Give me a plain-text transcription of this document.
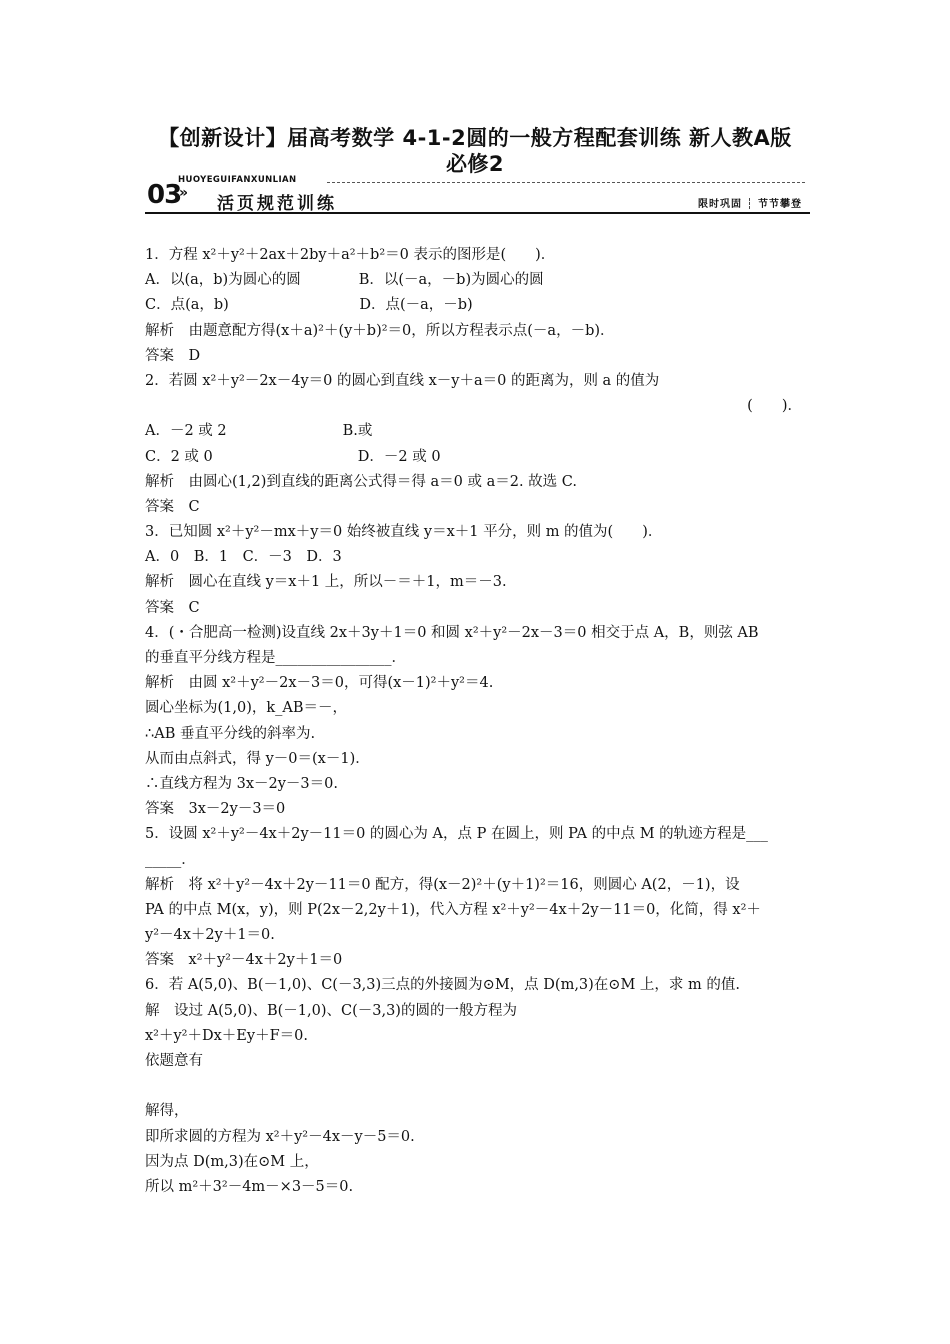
【创新设计】届高考数学 4-1-2圆的一般方程配套训练 新人教A版
必修2
03
HUOYEGUIFANXUNLIAN
»
活页规范训练	限时巩固 ┆ 节节攀登
1．方程 x²＋y²＋2ax＋2by＋a²＋b²＝0 表示的图形是(　　)．
A．以(a，b)为圆心的圆　　　　B．以(－a，－b)为圆心的圆
C．点(a，b)　　　　　　　　　D．点(－a，－b)
解析　由题意配方得(x＋a)²＋(y＋b)²＝0，所以方程表示点(－a，－b)．
答案　D
2．若圆 x²＋y²－2x－4y＝0 的圆心到直线 x－y＋a＝0 的距离为，则 a 的值为
(　　)．
A．－2 或 2　　　　　　　　B.或
C．2 或 0　　　　　　　　　　D．－2 或 0
解析　由圆心(1,2)到直线的距离公式得＝得 a＝0 或 a＝2. 故选 C.
答案　C
3．已知圆 x²＋y²－mx＋y＝0 始终被直线 y＝x＋1 平分，则 m 的值为(　　)．
A．0　B．1　C．－3　D．3
解析　圆心在直线 y＝x＋1 上，所以－＝＋1，m＝－3.
答案　C
4．(・合肥高一检测)设直线 2x＋3y＋1＝0 和圆 x²＋y²－2x－3＝0 相交于点 A，B，则弦 AB
的垂直平分线方程是________________．
解析　由圆 x²＋y²－2x－3＝0，可得(x－1)²＋y²＝4.
圆心坐标为(1,0)，k_AB＝－，
∴AB 垂直平分线的斜率为.
从而由点斜式，得 y－0＝(x－1)．
∴直线方程为 3x－2y－3＝0.
答案　3x－2y－3＝0
5．设圆 x²＋y²－4x＋2y－11＝0 的圆心为 A，点 P 在圆上，则 PA 的中点 M 的轨迹方程是___
_____．
解析　将 x²＋y²－4x＋2y－11＝0 配方，得(x－2)²＋(y＋1)²＝16，则圆心 A(2，－1)，设
PA 的中点 M(x，y)，则 P(2x－2,2y＋1)，代入方程 x²＋y²－4x＋2y－11＝0，化简，得 x²＋
y²－4x＋2y＋1＝0.
答案　x²＋y²－4x＋2y＋1＝0
6．若 A(5,0)、B(－1,0)、C(－3,3)三点的外接圆为⊙M，点 D(m,3)在⊙M 上，求 m 的值.
解　设过 A(5,0)、B(－1,0)、C(－3,3)的圆的一般方程为
x²＋y²＋Dx＋Ey＋F＝0.
依题意有
解得，
即所求圆的方程为 x²＋y²－4x－y－5＝0.
因为点 D(m,3)在⊙M 上，
所以 m²＋3²－4m－×3－5＝0.
